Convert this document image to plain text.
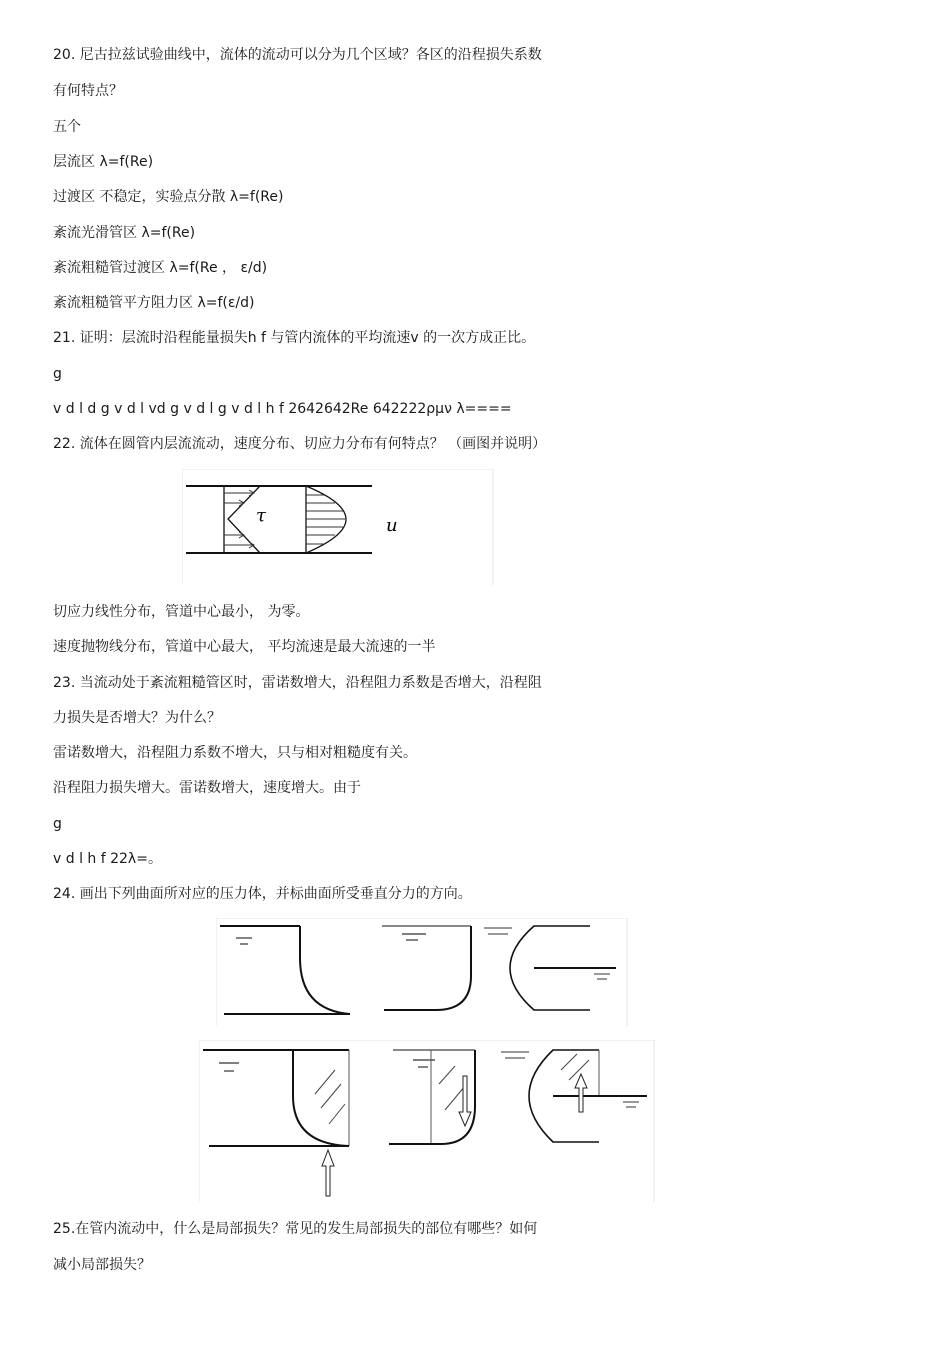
20. 尼古拉兹试验曲线中，流体的流动可以分为几个区域？各区的沿程损失系数
有何特点？
五个
层流区 λ=f(Re)
过渡区 不稳定，实验点分散 λ=f(Re)
紊流光滑管区 λ=f(Re)
紊流粗糙管过渡区 λ=f(Re ， ε/d)
紊流粗糙管平方阻力区 λ=f(ε/d)
21. 证明：层流时沿程能量损失h f 与管内流体的平均流速v 的一次方成正比。
g
v d l d g v d l vd g v d l g v d l h f 2642642Re 642222ρμν λ====
22. 流体在圆管内层流流动，速度分布、切应力分布有何特点？ （画图并说明）
τ	u
切应力线性分布，管道中心最小， 为零。
速度抛物线分布，管道中心最大， 平均流速是最大流速的一半
23. 当流动处于紊流粗糙管区时，雷诺数增大，沿程阻力系数是否增大，沿程阻
力损失是否增大？为什么？
雷诺数增大，沿程阻力系数不增大，只与相对粗糙度有关。
沿程阻力损失增大。雷诺数增大，速度增大。由于
g
v d l h f 22λ=。
24. 画出下列曲面所对应的压力体，并标曲面所受垂直分力的方向。
25.在管内流动中，什么是局部损失？常见的发生局部损失的部位有哪些？如何
减小局部损失？
